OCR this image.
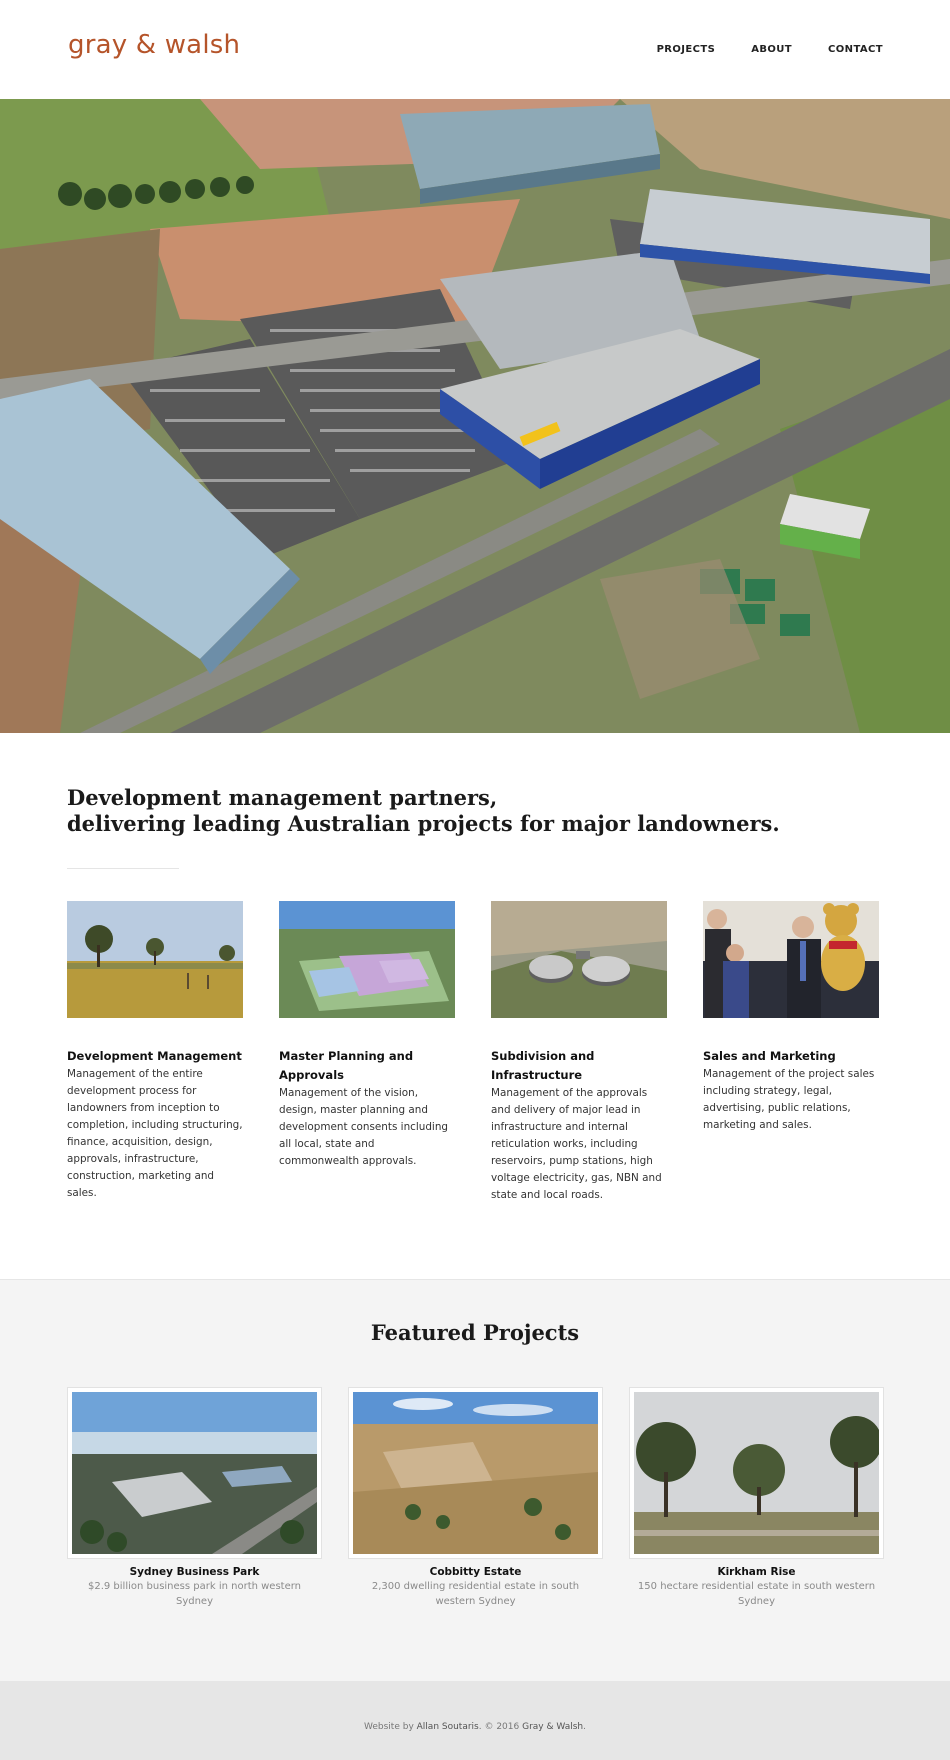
gray & walsh	PROJECTS	ABOUT	CONTACT
Development management partners,
delivering leading Australian projects for major landowners.
Development Management

Management of the entire development process for landowners from inception to completion, including structuring, finance, acquisition, design, approvals, infrastructure, construction, marketing and sales.

Master Planning and Approvals

Management of the vision, design, master planning and development consents including all local, state and commonwealth approvals.

Subdivision and Infrastructure

Management of the approvals and delivery of major lead in infrastructure and internal reticulation works, including reservoirs, pump stations, high voltage electricity, gas, NBN and state and local roads.

Sales and Marketing

Management of the project sales including strategy, legal, advertising, public relations, marketing and sales.

Featured Projects
Sydney Business Park
$2.9 billion business park in north western Sydney
Cobbitty Estate
2,300 dwelling residential estate in south western Sydney
Kirkham Rise
150 hectare residential estate in south western Sydney
Website by Allan Soutaris. © 2016 Gray & Walsh.
